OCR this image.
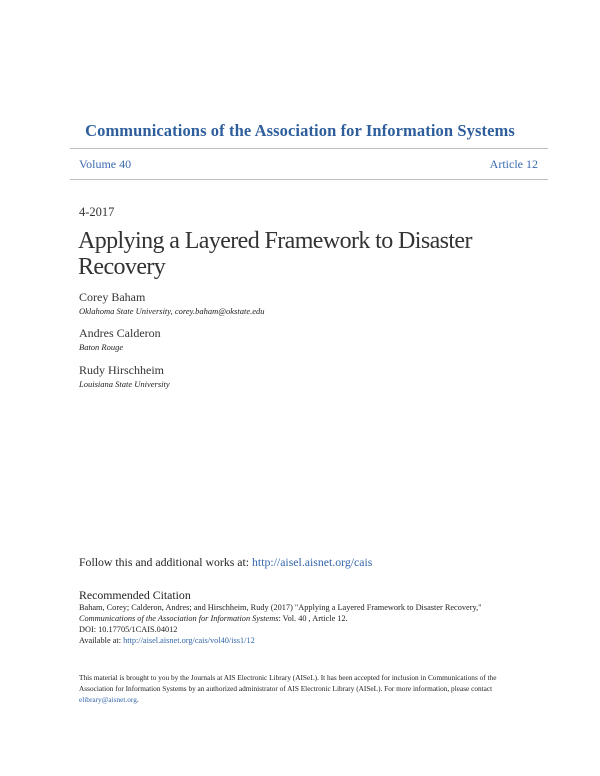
Communications of the Association for Information Systems
Volume 40	Article 12
4-2017
Applying a Layered Framework to Disaster
Recovery
Corey Baham
Oklahoma State University, corey.baham@okstate.edu
Andres Calderon
Baton Rouge
Rudy Hirschheim
Louisiana State University
Follow this and additional works at: http://aisel.aisnet.org/cais
Recommended Citation
Baham, Corey; Calderon, Andres; and Hirschheim, Rudy (2017) "Applying a Layered Framework to Disaster Recovery,"
Communications of the Association for Information Systems: Vol. 40 , Article 12.
DOI: 10.17705/1CAIS.04012
Available at: http://aisel.aisnet.org/cais/vol40/iss1/12
This material is brought to you by the Journals at AIS Electronic Library (AISeL). It has been accepted for inclusion in Communications of the
Association for Information Systems by an authorized administrator of AIS Electronic Library (AISeL). For more information, please contact
elibrary@aisnet.org.
